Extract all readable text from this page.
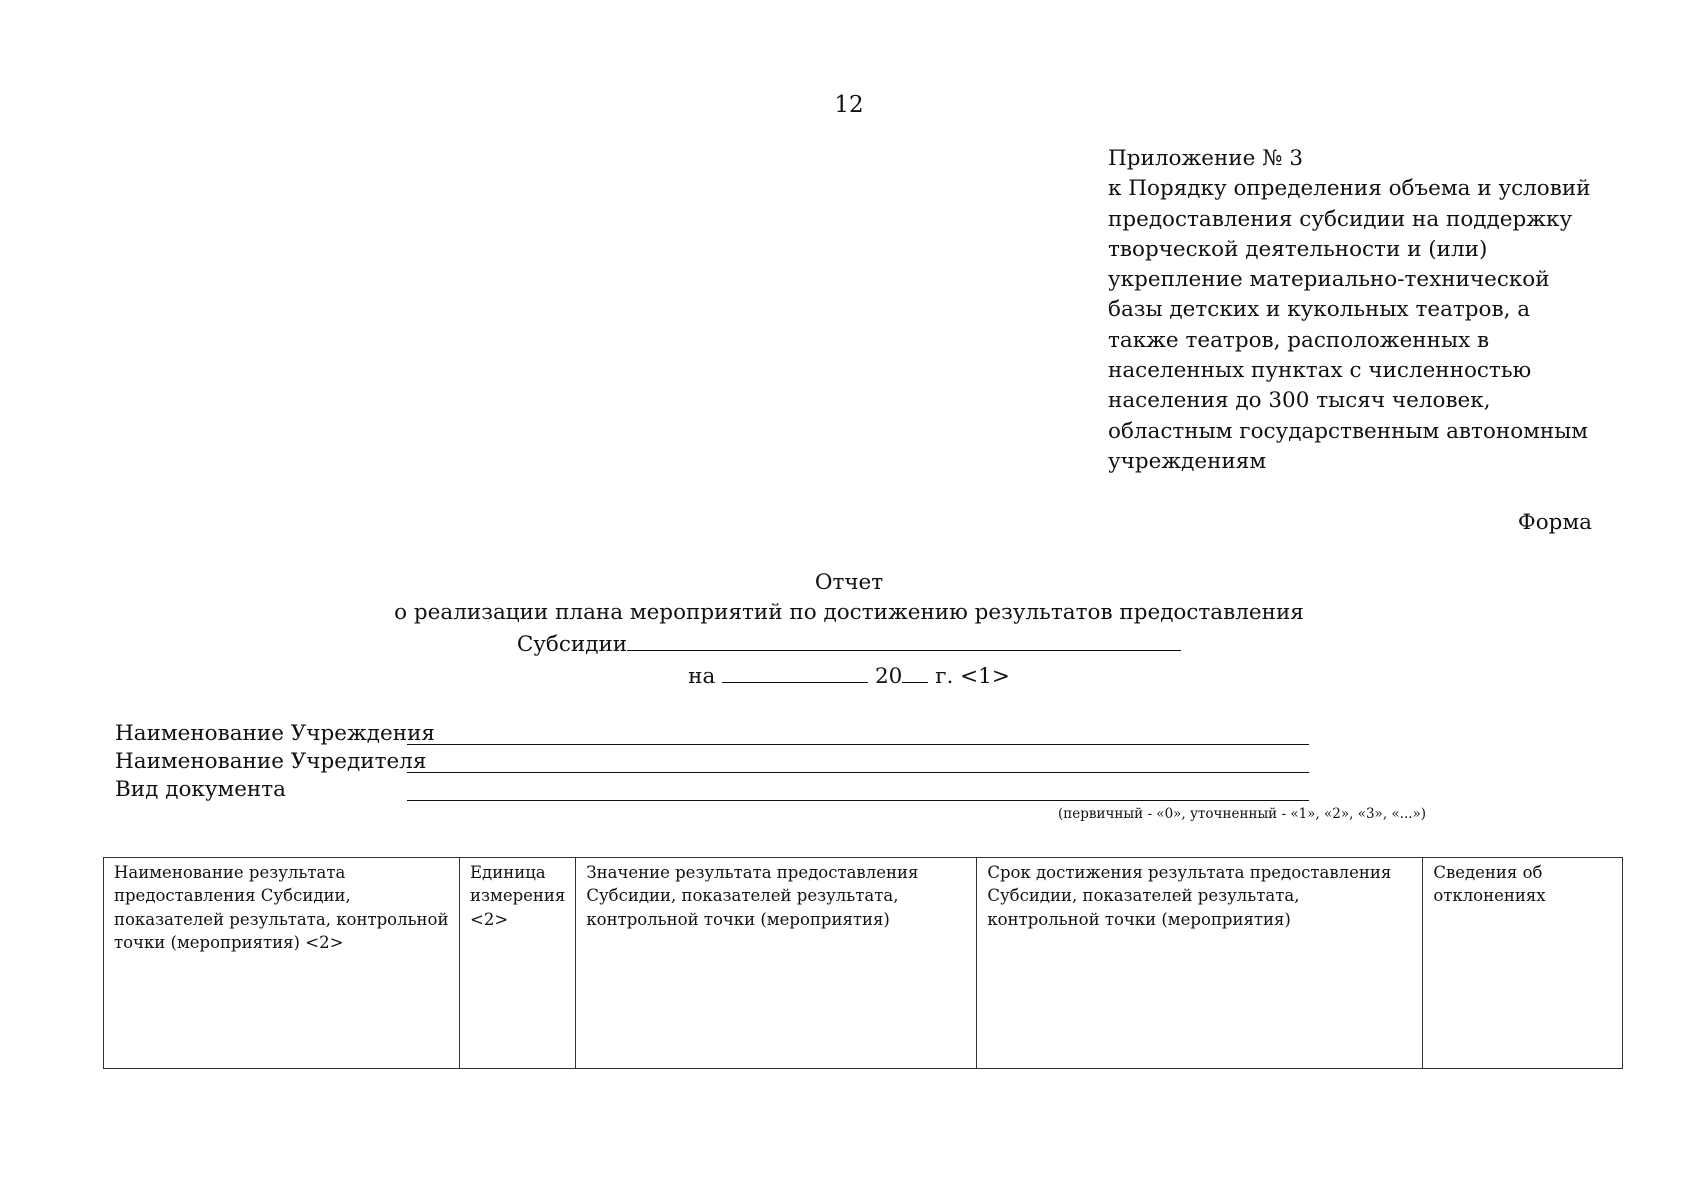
12
Приложение № 3
к Порядку определения объема и условий
предоставления субсидии на поддержку
творческой деятельности и (или)
укрепление материально-технической
базы детских и кукольных театров, а
также театров, расположенных в
населенных пунктах с численностью
населения до 300 тысяч человек,
областным государственным автономным
учреждениям
Форма
Отчет
о реализации плана мероприятий по достижению результатов предоставления
Субсидии
на	20 г. <1>
Наименование Учреждения
Наименование Учредителя
Вид документа
(первичный - «0», уточненный - «1», «2», «3», «...»)
Наименование результата предоставления Субсидии, показателей результата, контрольной точки (мероприятия) <2>	Единица измерения <2>	Значение результата предоставления Субсидии, показателей результата, контрольной точки (мероприятия)	Срок достижения результата предоставления Субсидии, показателей результата, контрольной точки (мероприятия)	Сведения об отклонениях
